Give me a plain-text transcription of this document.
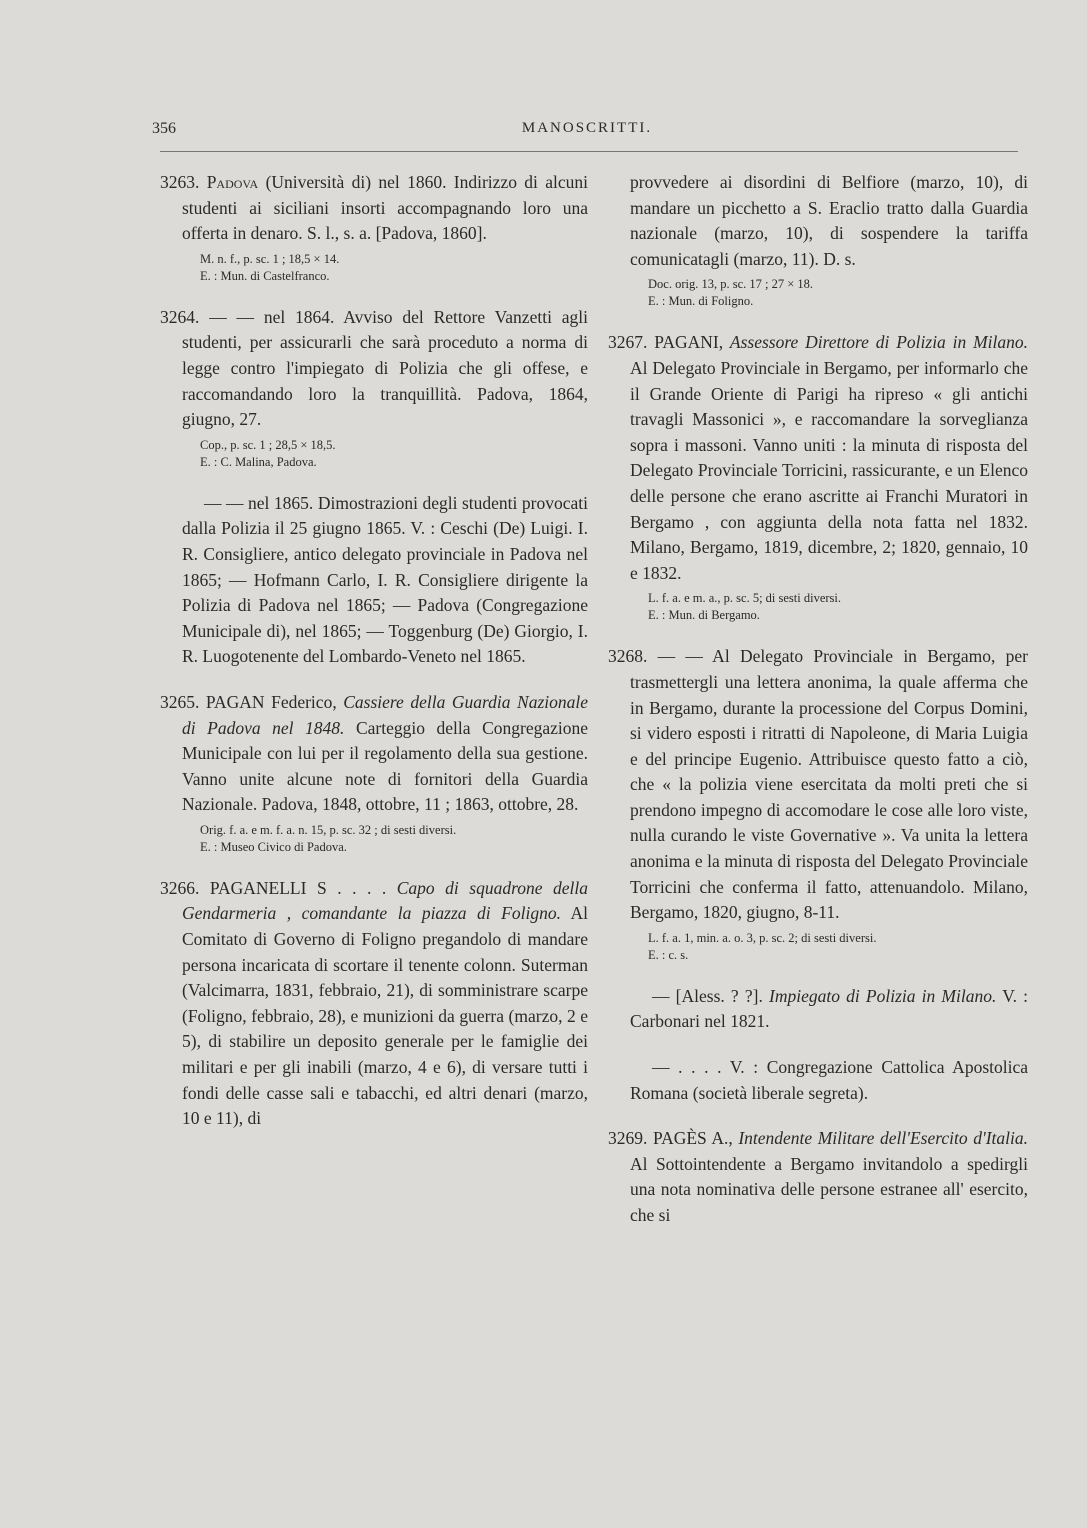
356	MANOSCRITTI.

3263. Padova (Università di) nel 1860. Indirizzo di alcuni studenti ai siciliani insorti accompagnando loro una offerta in denaro. S. l., s. a. [Padova, 1860].

M. n. f., p. sc. 1 ; 18,5 × 14.
E. : Mun. di Castelfranco.

3264. — — nel 1864. Avviso del Rettore Vanzetti agli studenti, per assicurarli che sarà proceduto a norma di legge contro l'impiegato di Polizia che gli offese, e raccomandando loro la tranquillità. Padova, 1864, giugno, 27.

Cop., p. sc. 1 ; 28,5 × 18,5.
E. : C. Malina, Padova.

— — nel 1865. Dimostrazioni degli studenti provocati dalla Polizia il 25 giugno 1865. V. : Ceschi (De) Luigi. I. R. Consigliere, antico delegato provinciale in Padova nel 1865; — Hofmann Carlo, I. R. Consigliere dirigente la Polizia di Padova nel 1865; — Padova (Congregazione Municipale di), nel 1865; — Toggenburg (De) Giorgio, I. R. Luogotenente del Lombardo-Veneto nel 1865.

3265. PAGAN Federico, Cassiere della Guardia Nazionale di Padova nel 1848. Carteggio della Congregazione Municipale con lui per il regolamento della sua gestione. Vanno unite alcune note di fornitori della Guardia Nazionale. Padova, 1848, ottobre, 11 ; 1863, ottobre, 28.

Orig. f. a. e m. f. a. n. 15, p. sc. 32 ; di sesti diversi.
E. : Museo Civico di Padova.

3266. PAGANELLI S . . . . Capo di squadrone della Gendarmeria , comandante la piazza di Foligno. Al Comitato di Governo di Foligno pregandolo di mandare persona incaricata di scortare il tenente colonn. Suterman (Valcimarra, 1831, febbraio, 21), di somministrare scarpe (Foligno, febbraio, 28), e munizioni da guerra (marzo, 2 e 5), di stabilire un deposito generale per le famiglie dei militari e per gli inabili (marzo, 4 e 6), di versare tutti i fondi delle casse sali e tabacchi, ed altri denari (marzo, 10 e 11), di

provvedere ai disordini di Belfiore (marzo, 10), di mandare un picchetto a S. Eraclio tratto dalla Guardia nazionale (marzo, 10), di sospendere la tariffa comunicatagli (marzo, 11). D. s.

Doc. orig. 13, p. sc. 17 ; 27 × 18.
E. : Mun. di Foligno.

3267. PAGANI, Assessore Direttore di Polizia in Milano. Al Delegato Provinciale in Bergamo, per informarlo che il Grande Oriente di Parigi ha ripreso « gli antichi travagli Massonici », e raccomandare la sorveglianza sopra i massoni. Vanno uniti : la minuta di risposta del Delegato Provinciale Torricini, rassicurante, e un Elenco delle persone che erano ascritte ai Franchi Muratori in Bergamo , con aggiunta della nota fatta nel 1832. Milano, Bergamo, 1819, dicembre, 2; 1820, gennaio, 10 e 1832.

L. f. a. e m. a., p. sc. 5; di sesti diversi.
E. : Mun. di Bergamo.

3268. — — Al Delegato Provinciale in Bergamo, per trasmettergli una lettera anonima, la quale afferma che in Bergamo, durante la processione del Corpus Domini, si videro esposti i ritratti di Napoleone, di Maria Luigia e del principe Eugenio. Attribuisce questo fatto a ciò, che « la polizia viene esercitata da molti preti che si prendono impegno di accomodare le cose alle loro viste, nulla curando le viste Governative ». Va unita la lettera anonima e la minuta di risposta del Delegato Provinciale Torricini che conferma il fatto, attenuandolo. Milano, Bergamo, 1820, giugno, 8-11.

L. f. a. 1, min. a. o. 3, p. sc. 2; di sesti diversi.
E. : c. s.

— [Aless. ? ?]. Impiegato di Polizia in Milano. V. : Carbonari nel 1821.

— . . . . V. : Congregazione Cattolica Apostolica Romana (società liberale segreta).

3269. PAGÈS A., Intendente Militare dell'Esercito d'Italia. Al Sottointendente a Bergamo invitandolo a spedirgli una nota nominativa delle persone estranee all' esercito, che si
